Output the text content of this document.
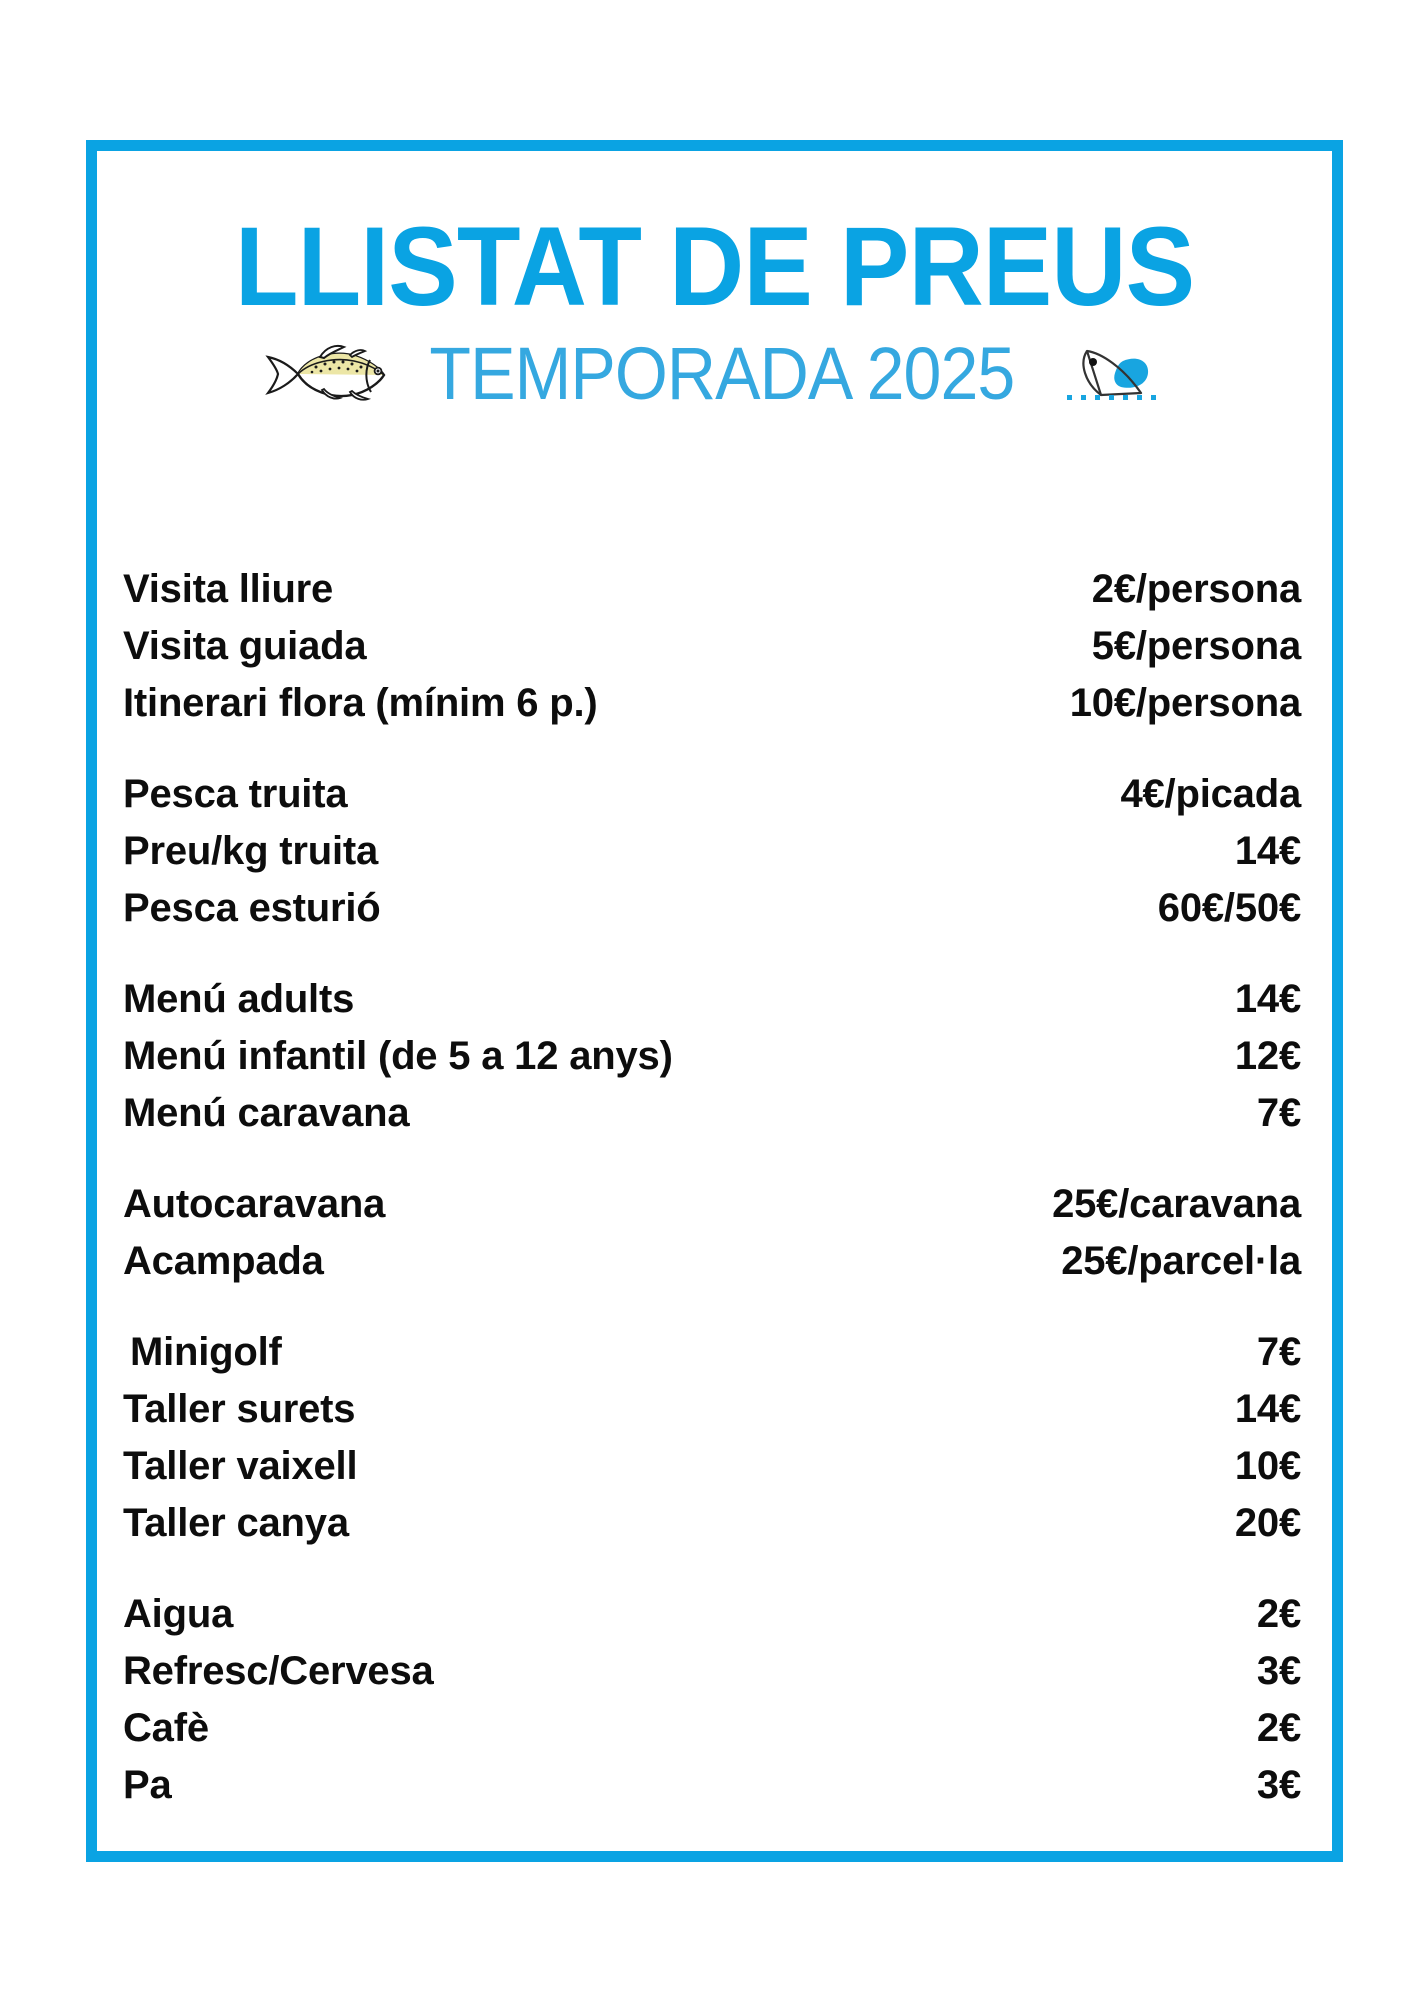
LLISTAT DE PREUS
TEMPORADA 2025
Visita lliure	2€/persona
Visita guiada	5€/persona
Itinerari flora (mínim 6 p.)	10€/persona
Pesca truita	4€/picada
Preu/kg truita	14€
Pesca esturió	60€/50€
Menú adults	14€
Menú infantil (de 5 a 12 anys)	12€
Menú caravana	7€
Autocaravana	25€/caravana
Acampada	25€/parcel·la
Minigolf	7€
Taller surets	14€
Taller vaixell	10€
Taller canya	20€
Aigua	2€
Refresc/Cervesa	3€
Cafè	2€
Pa	3€
